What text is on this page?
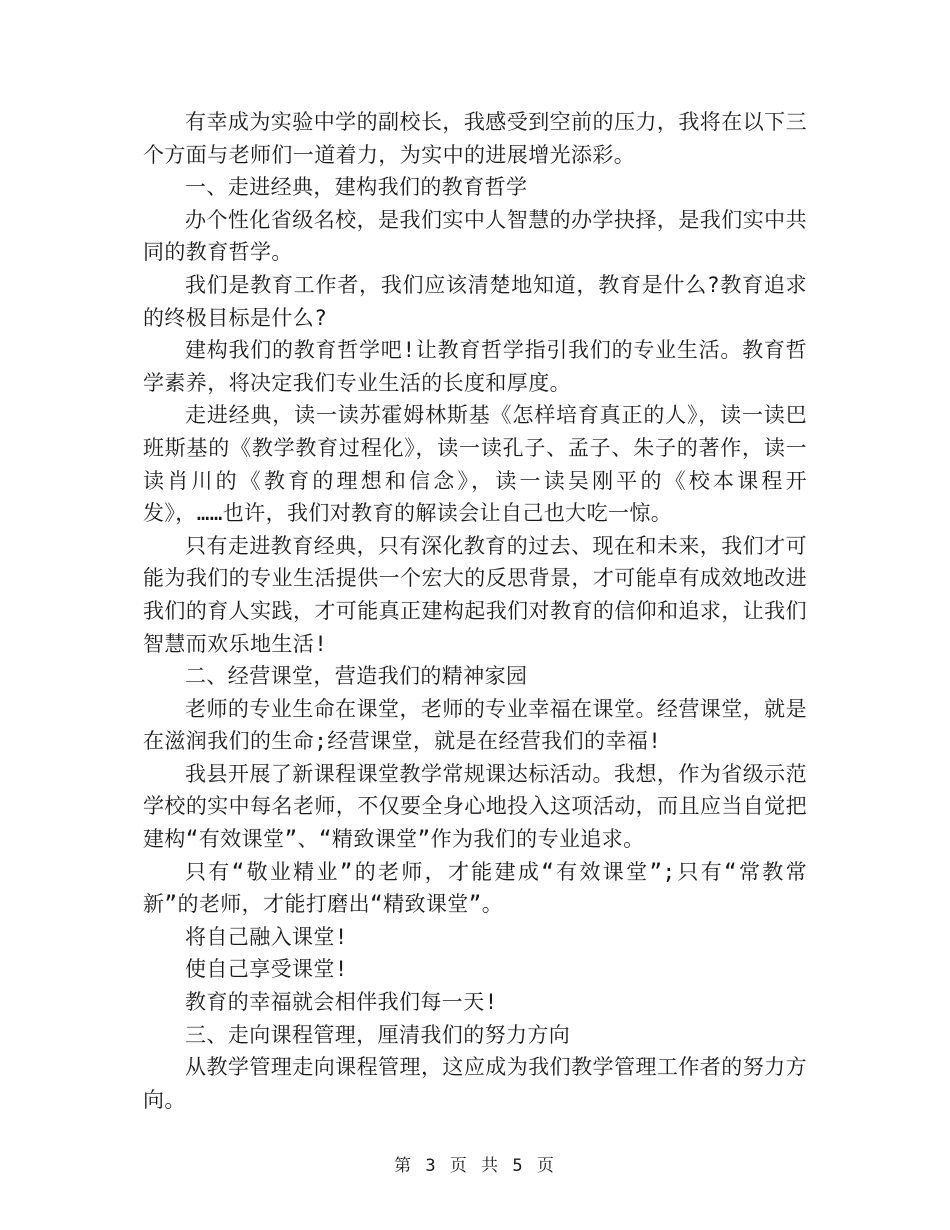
有幸成为实验中学的副校长，我感受到空前的压力，我将在以下三个方面与老师们一道着力，为实中的进展增光添彩。

一、走进经典，建构我们的教育哲学

办个性化省级名校，是我们实中人智慧的办学抉择，是我们实中共同的教育哲学。

我们是教育工作者，我们应该清楚地知道，教育是什么?教育追求的终极目标是什么?

建构我们的教育哲学吧!让教育哲学指引我们的专业生活。教育哲学素养，将决定我们专业生活的长度和厚度。

走进经典，读一读苏霍姆林斯基《怎样培育真正的人》，读一读巴班斯基的《教学教育过程化》，读一读孔子、孟子、朱子的著作，读一读肖川的《教育的理想和信念》，读一读吴刚平的《校本课程开发》，……也许，我们对教育的解读会让自己也大吃一惊。

只有走进教育经典，只有深化教育的过去、现在和未来，我们才可能为我们的专业生活提供一个宏大的反思背景，才可能卓有成效地改进我们的育人实践，才可能真正建构起我们对教育的信仰和追求，让我们智慧而欢乐地生活!

二、经营课堂，营造我们的精神家园

老师的专业生命在课堂，老师的专业幸福在课堂。经营课堂，就是在滋润我们的生命;经营课堂，就是在经营我们的幸福!

我县开展了新课程课堂教学常规课达标活动。我想，作为省级示范学校的实中每名老师，不仅要全身心地投入这项活动，而且应当自觉把建构“有效课堂”、“精致课堂”作为我们的专业追求。

只有“敬业精业”的老师，才能建成“有效课堂”;只有“常教常新”的老师，才能打磨出“精致课堂”。

将自己融入课堂!

使自己享受课堂!

教育的幸福就会相伴我们每一天!

三、走向课程管理，厘清我们的努力方向

从教学管理走向课程管理，这应成为我们教学管理工作者的努力方向。

第 3 页 共 5 页
